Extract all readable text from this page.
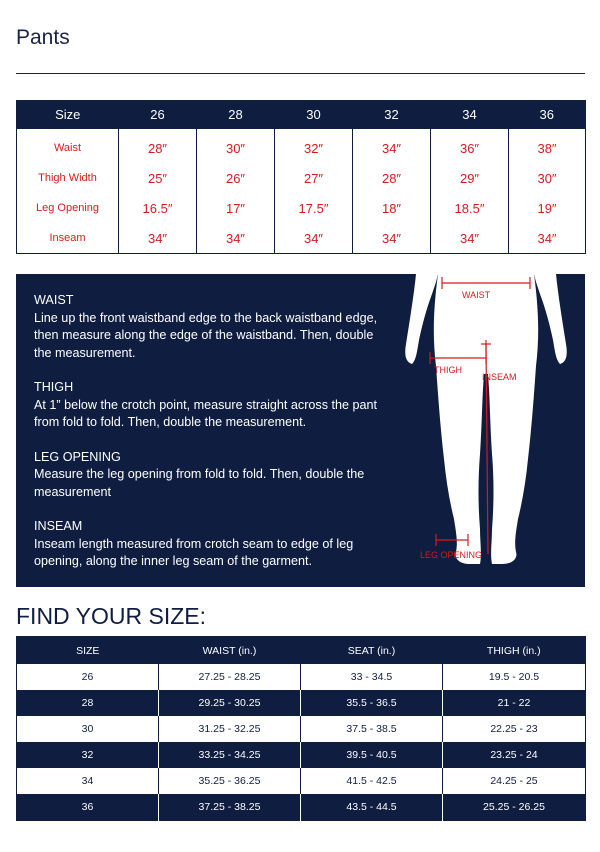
Pants
Size	26	28	30	32	34	36
Waist	28″	30″	32″	34″	36″	38″
Thigh Width	25″	26″	27″	28″	29″	30″
Leg Opening	16.5″	17″	17.5″	18″	18.5″	19″
Inseam	34″	34″	34″	34″	34″	34″
WAIST
Line up the front waistband edge to the back waistband edge, then measure along the edge of the waistband. Then, double the measurement.
THIGH
At 1” below the crotch point, measure straight across the pant from fold to fold. Then, double the measurement.
LEG OPENING
Measure the leg opening from fold to fold. Then, double the measurement
INSEAM
Inseam length measured from crotch seam to edge of leg opening, along the inner leg seam of the garment.
WAIST
THIGH
INSEAM
LEG OPENING
FIND YOUR SIZE:
SIZE	WAIST (in.)	SEAT (in.)	THIGH (in.)
26	27.25 - 28.25	33 - 34.5	19.5 - 20.5
28	29.25 - 30.25	35.5 - 36.5	21 - 22
30	31.25 - 32.25	37.5 - 38.5	22.25 - 23
32	33.25 - 34.25	39.5 - 40.5	23.25 - 24
34	35.25 - 36.25	41.5 - 42.5	24.25 - 25
36	37.25 - 38.25	43.5 - 44.5	25.25 - 26.25
